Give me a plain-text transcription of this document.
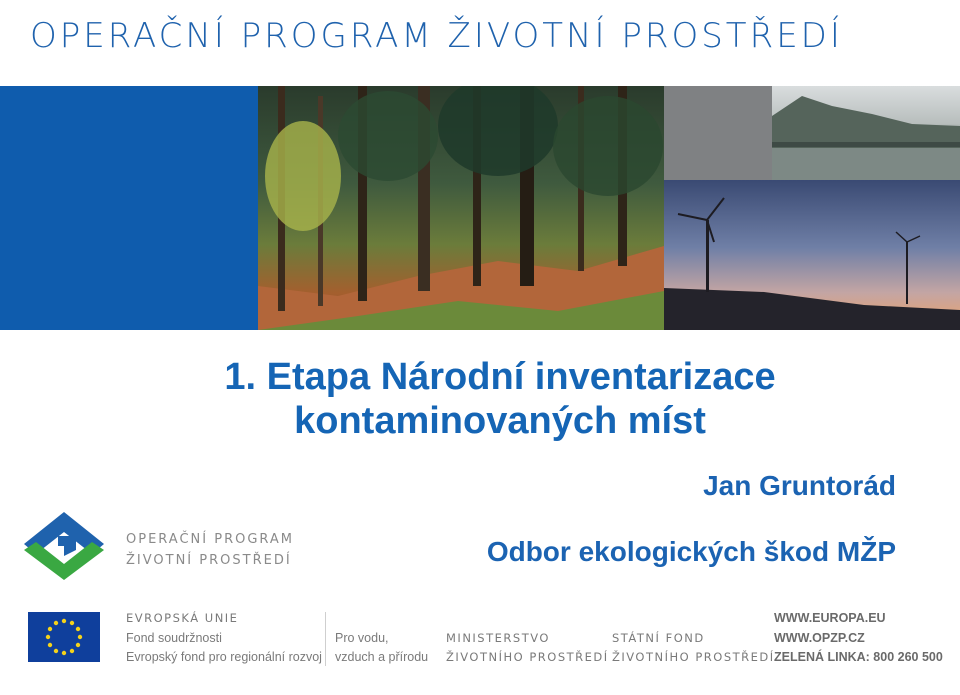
OPERAČNÍ PROGRAM ŽIVOTNÍ PROSTŘEDÍ
1. Etapa Národní inventarizace
kontaminovaných míst
Jan Gruntorád
Odbor ekologických škod MŽP
OPERAČNÍ PROGRAM
ŽIVOTNÍ PROSTŘEDÍ
EVROPSKÁ UNIE
Fond soudržnosti
Evropský fond pro regionální rozvoj
Pro vodu,
vzduch a přírodu
MINISTERSTVO
ŽIVOTNÍHO PROSTŘEDÍ
STÁTNÍ FOND
ŽIVOTNÍHO PROSTŘEDÍ
WWW.EUROPA.EU
WWW.OPZP.CZ
ZELENÁ LINKA: 800 260 500
